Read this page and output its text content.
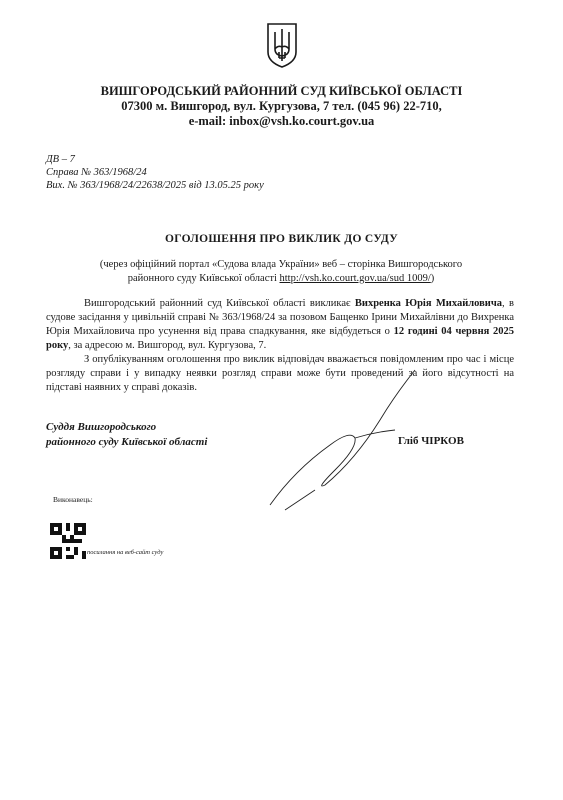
ВИШГОРОДСЬКИЙ РАЙОННИЙ СУД КИЇВСЬКОЇ ОБЛАСТІ
07300 м. Вишгород, вул. Кургузова, 7 тел. (045 96) 22-710,
e-mail: inbox@vsh.ko.court.gov.ua
ДВ – 7
Справа № 363/1968/24
Вих. № 363/1968/24/22638/2025 від 13.05.25 року
ОГОЛОШЕННЯ ПРО ВИКЛИК ДО СУДУ
(через офіційний портал «Судова влада України» веб – сторінка Вишгородського районного суду Київської області http://vsh.ko.court.gov.ua/sud 1009/)
Вишгородський районний суд Київської області викликає Вихренка Юрія Михайловича, в судове засідання у цивільній справі № 363/1968/24 за позовом Бащенко Ірини Михайлівни до Вихренка Юрія Михайловича про усунення від права спадкування, яке відбудеться о 12 годині 04 червня 2025 року, за адресою м. Вишгород, вул. Кургузова, 7.
З опублікуванням оголошення про виклик відповідач вважається повідомленим про час і місце розгляду справи і у випадку неявки розгляд справи може бути проведений за його відсутності на підставі наявних у справі доказів.
Суддя Вишгородського
районного суду Київської області	Гліб ЧІРКОВ
Виконавець:
посилання на веб-сайт суду
